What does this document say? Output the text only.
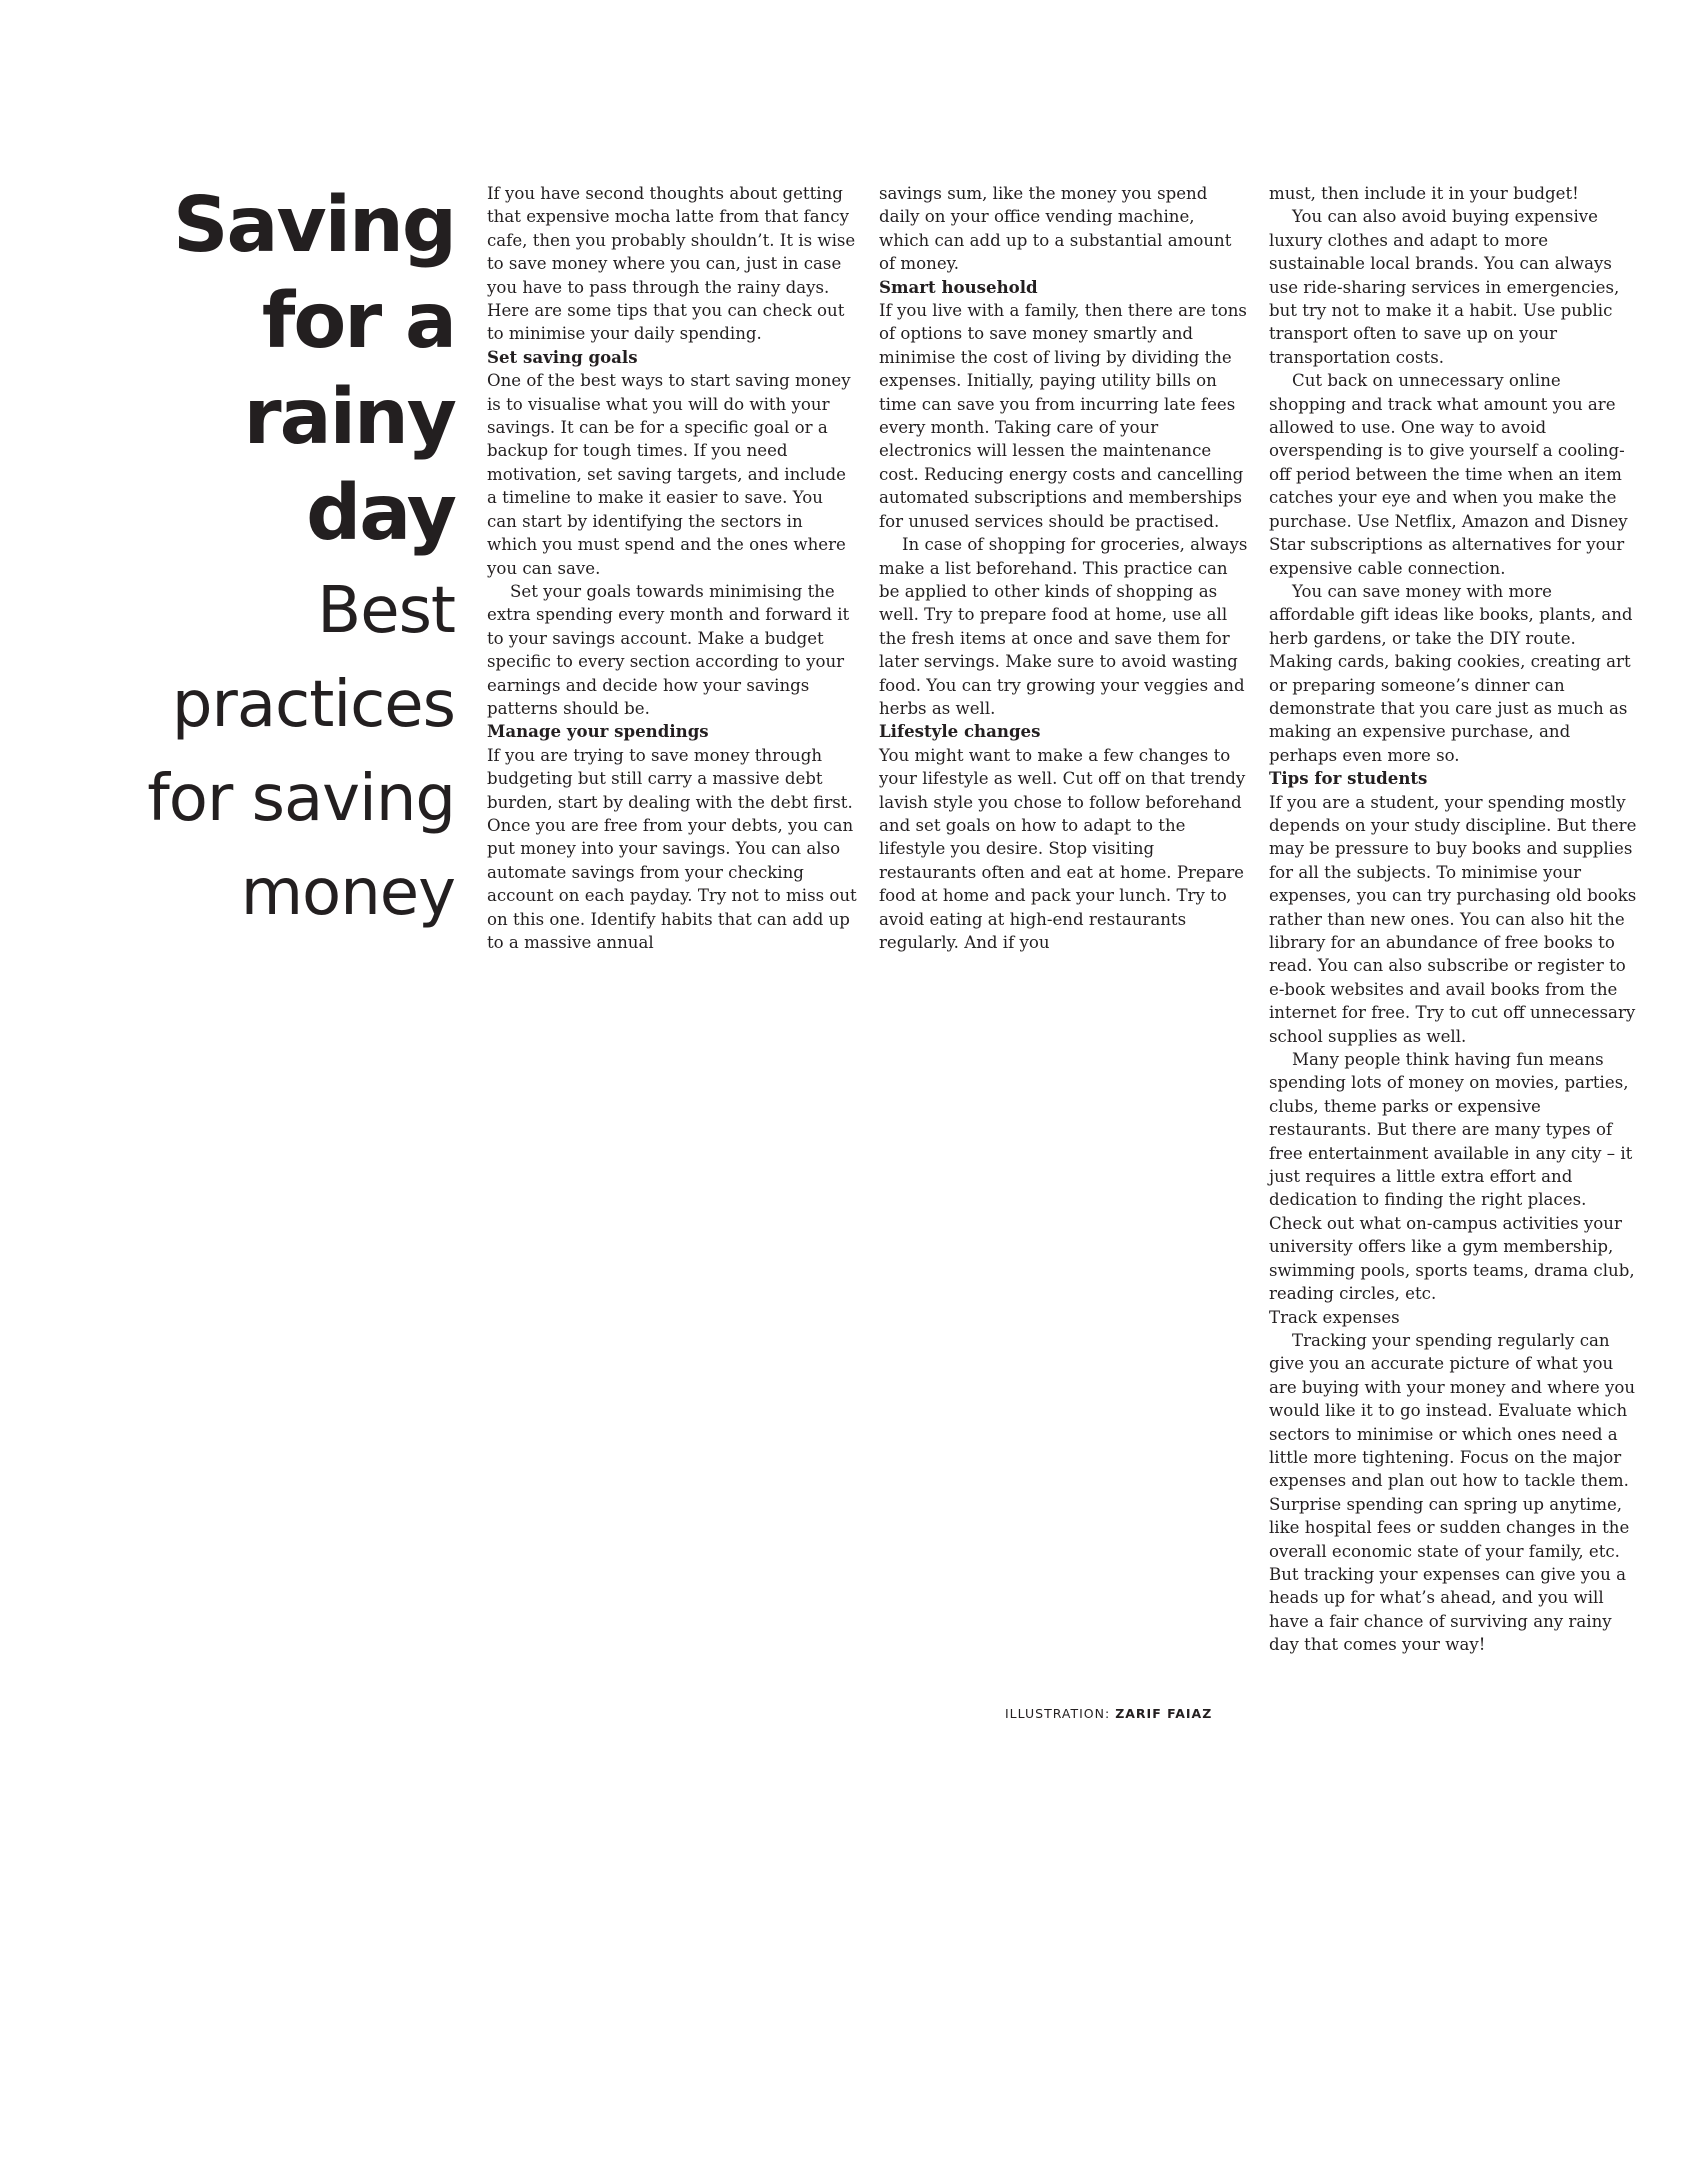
Saving
for a
rainy
day
Best
practices
for saving
money

If you have second thoughts about getting that expensive mocha latte from that fancy cafe, then you probably shouldn’t. It is wise to save money where you can, just in case you have to pass through the rainy days. Here are some tips that you can check out to minimise your daily spending.

Set saving goals

One of the best ways to start saving money is to visualise what you will do with your savings. It can be for a specific goal or a backup for tough times. If you need motivation, set saving targets, and include a timeline to make it easier to save. You can start by identifying the sectors in which you must spend and the ones where you can save.

Set your goals towards minimising the extra spending every month and forward it to your savings account. Make a budget specific to every section according to your earnings and decide how your savings patterns should be.

Manage your spendings

If you are trying to save money through budgeting but still carry a massive debt burden, start by dealing with the debt first. Once you are free from your debts, you can put money into your savings. You can also automate savings from your checking account on each payday. Try not to miss out on this one. Identify habits that can add up to a massive annual

savings sum, like the money you spend daily on your office vending machine, which can add up to a substantial amount of money.

Smart household

If you live with a family, then there are tons of options to save money smartly and minimise the cost of living by dividing the expenses. Initially, paying utility bills on time can save you from incurring late fees every month. Taking care of your electronics will lessen the maintenance cost. Reducing energy costs and cancelling automated subscriptions and memberships for unused services should be practised.

In case of shopping for groceries, always make a list beforehand. This practice can be applied to other kinds of shopping as well. Try to prepare food at home, use all the fresh items at once and save them for later servings. Make sure to avoid wasting food. You can try growing your veggies and herbs as well.

Lifestyle changes

You might want to make a few changes to your lifestyle as well. Cut off on that trendy lavish style you chose to follow beforehand and set goals on how to adapt to the lifestyle you desire. Stop visiting restaurants often and eat at home. Prepare food at home and pack your lunch. Try to avoid eating at high-end restaurants regularly. And if you

must, then include it in your budget!

You can also avoid buying expensive luxury clothes and adapt to more sustainable local brands. You can always use ride-sharing services in emergencies, but try not to make it a habit. Use public transport often to save up on your transportation costs.

Cut back on unnecessary online shopping and track what amount you are allowed to use. One way to avoid overspending is to give yourself a cooling-off period between the time when an item catches your eye and when you make the purchase. Use Netflix, Amazon and Disney Star subscriptions as alternatives for your expensive cable connection.

You can save money with more affordable gift ideas like books, plants, and herb gardens, or take the DIY route. Making cards, baking cookies, creating art or preparing someone’s dinner can demonstrate that you care just as much as making an expensive purchase, and perhaps even more so.

Tips for students

If you are a student, your spending mostly depends on your study discipline. But there may be pressure to buy books and supplies for all the subjects. To minimise your expenses, you can try purchasing old books rather than new ones. You can also hit the library for an abundance of free books to read. You can also subscribe or register to e-book websites and avail books from the internet for free. Try to cut off unnecessary school supplies as well.

Many people think having fun means spending lots of money on movies, parties, clubs, theme parks or expensive restaurants. But there are many types of free entertainment available in any city – it just requires a little extra effort and dedication to finding the right places. Check out what on-campus activities your university offers like a gym membership, swimming pools, sports teams, drama club, reading circles, etc.

Track expenses

Tracking your spending regularly can give you an accurate picture of what you are buying with your money and where you would like it to go instead. Evaluate which sectors to minimise or which ones need a little more tightening. Focus on the major expenses and plan out how to tackle them. Surprise spending can spring up anytime, like hospital fees or sudden changes in the overall economic state of your family, etc. But tracking your expenses can give you a heads up for what’s ahead, and you will have a fair chance of surviving any rainy day that comes your way!

ILLUSTRATION: ZARIF FAIAZ
